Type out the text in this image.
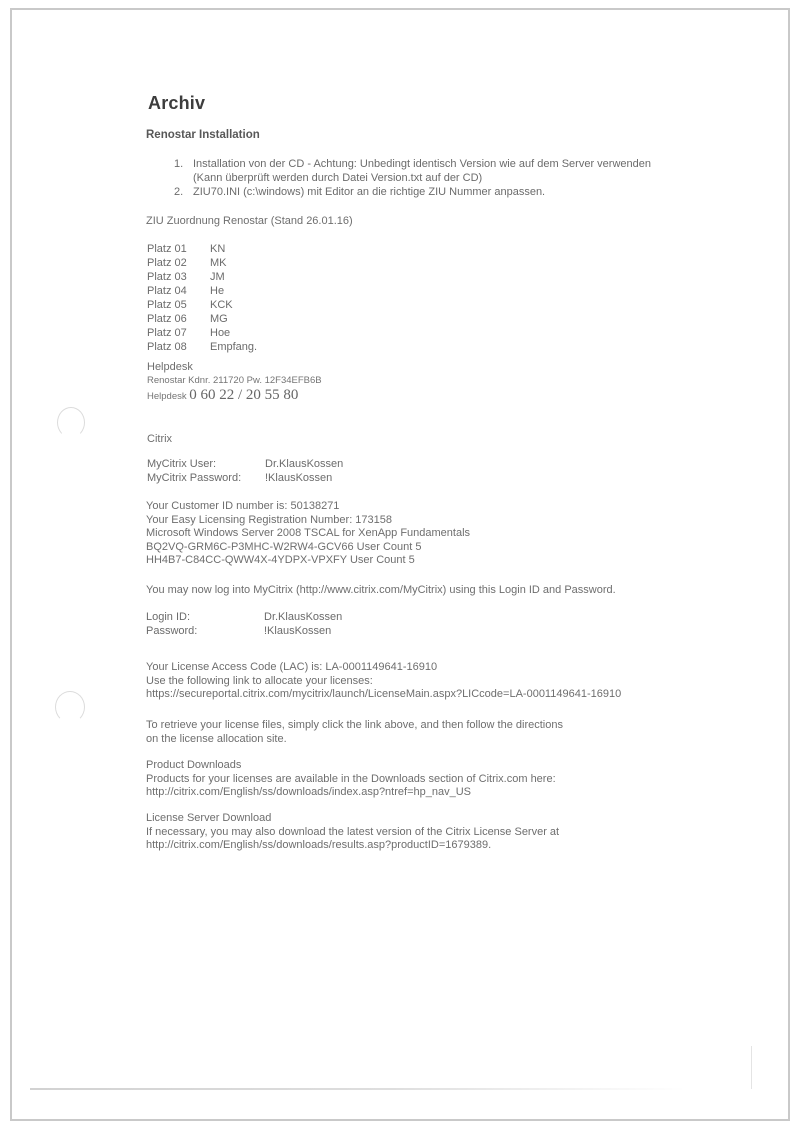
Archiv
Renostar Installation
1. Installation von der CD - Achtung: Unbedingt identisch Version wie auf dem Server verwenden
(Kann überprüft werden durch Datei Version.txt auf der CD)
2. ZIU70.INI (c:\windows) mit Editor an die richtige ZIU Nummer anpassen.
ZIU Zuordnung Renostar (Stand 26.01.16)
Platz 01	KN
Platz 02	MK
Platz 03	JM
Platz 04	He
Platz 05	KCK
Platz 06	MG
Platz 07	Hoe
Platz 08	Empfang.
Helpdesk
Renostar Kdnr. 211720 Pw. 12F34EFB6B
Helpdesk 0 60 22 / 20 55 80
Citrix
MyCitrix User:	Dr.KlausKossen
MyCitrix Password:	!KlausKossen
Your Customer ID number is: 50138271
Your Easy Licensing Registration Number: 173158
Microsoft Windows Server 2008 TSCAL for XenApp Fundamentals
BQ2VQ-GRM6C-P3MHC-W2RW4-GCV66 User Count 5
HH4B7-C84CC-QWW4X-4YDPX-VPXFY User Count 5
You may now log into MyCitrix (http://www.citrix.com/MyCitrix) using this Login ID and Password.
Login ID:	Dr.KlausKossen
Password:	!KlausKossen
Your License Access Code (LAC) is: LA-0001149641-16910
Use the following link to allocate your licenses:
https://secureportal.citrix.com/mycitrix/launch/LicenseMain.aspx?LICcode=LA-0001149641-16910
To retrieve your license files, simply click the link above, and then follow the directions
on the license allocation site.
Product Downloads
Products for your licenses are available in the Downloads section of Citrix.com here:
http://citrix.com/English/ss/downloads/index.asp?ntref=hp_nav_US
License Server Download
If necessary, you may also download the latest version of the Citrix License Server at
http://citrix.com/English/ss/downloads/results.asp?productID=1679389.
